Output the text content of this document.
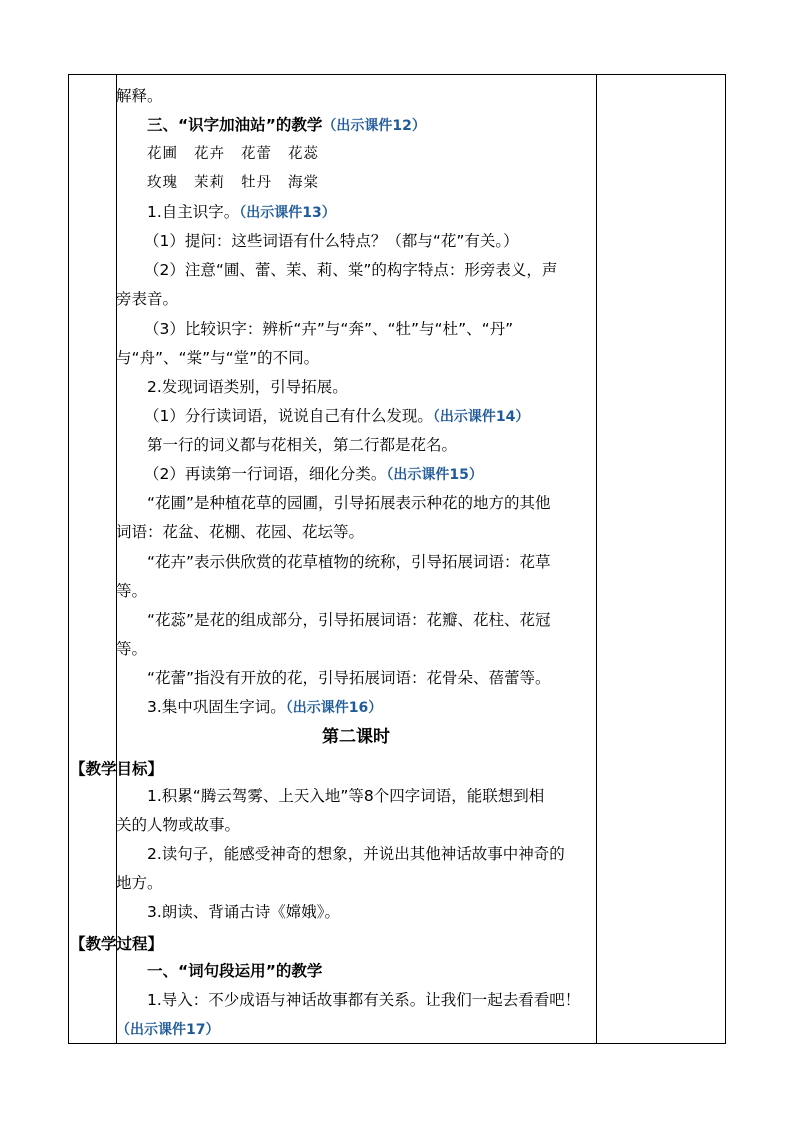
解释。
三、“识字加油站”的教学（出示课件12）
花圃 花卉 花蕾 花蕊
玫瑰 茉莉 牡丹 海棠
1.自主识字。（出示课件13）
（1）提问：这些词语有什么特点？（都与“花”有关。）
（2）注意“圃、蕾、茉、莉、棠”的构字特点：形旁表义，声
旁表音。
（3）比较识字：辨析“卉”与“奔”、“牡”与“杜”、“丹”
与“舟”、“棠”与“堂”的不同。
2.发现词语类别，引导拓展。
（1）分行读词语，说说自己有什么发现。（出示课件14）
第一行的词义都与花相关，第二行都是花名。
（2）再读第一行词语，细化分类。（出示课件15）
“花圃”是种植花草的园圃，引导拓展表示种花的地方的其他
词语：花盆、花棚、花园、花坛等。
“花卉”表示供欣赏的花草植物的统称，引导拓展词语：花草
等。
“花蕊”是花的组成部分，引导拓展词语：花瓣、花柱、花冠
等。
“花蕾”指没有开放的花，引导拓展词语：花骨朵、蓓蕾等。
3.集中巩固生字词。（出示课件16）
第二课时
【教学目标】
1.积累“腾云驾雾、上天入地”等8个四字词语，能联想到相
关的人物或故事。
2.读句子，能感受神奇的想象，并说出其他神话故事中神奇的
地方。
3.朗读、背诵古诗《嫦娥》。
【教学过程】
一、“词句段运用”的教学
1.导入：不少成语与神话故事都有关系。让我们一起去看看吧！
（出示课件17）
